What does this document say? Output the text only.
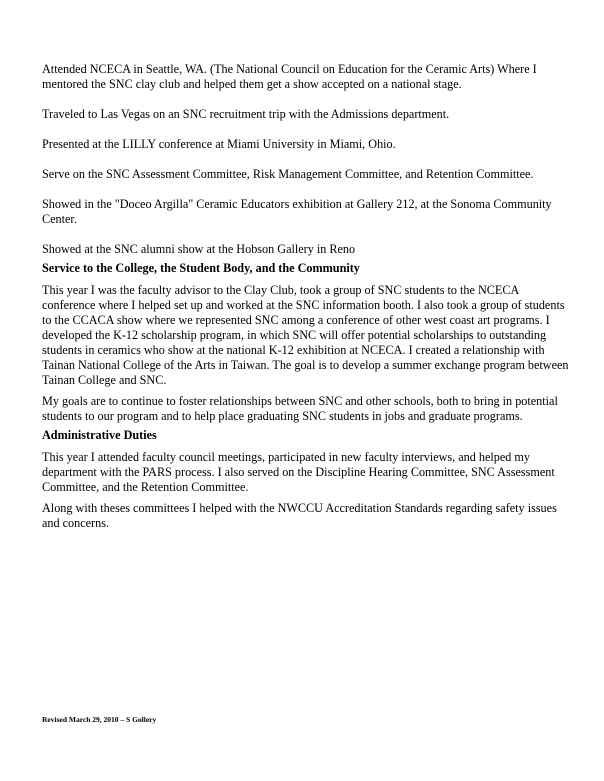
Attended NCECA in Seattle, WA. (The National Council on Education for the Ceramic Arts) Where I mentored the SNC clay club and helped them get a show accepted on a national stage.

Traveled to Las Vegas on an SNC recruitment trip with the Admissions department.

Presented at the LILLY conference at Miami University in Miami, Ohio.

Serve on the SNC Assessment Committee, Risk Management Committee, and Retention Committee.

Showed in the "Doceo Argilla" Ceramic Educators exhibition at Gallery 212, at the Sonoma Community Center.

Showed at the SNC alumni show at the Hobson Gallery in Reno

Service to the College, the Student Body, and the Community

This year I was the faculty advisor to the Clay Club, took a group of SNC students to the NCECA conference where I helped set up and worked at the SNC information booth. I also took a group of students to the CCACA show where we represented SNC among a conference of other west coast art programs. I developed the K-12 scholarship program, in which SNC will offer potential scholarships to outstanding students in ceramics who show at the national K-12 exhibition at NCECA. I created a relationship with Tainan National College of the Arts in Taiwan. The goal is to develop a summer exchange program between Tainan College and SNC.

My goals are to continue to foster relationships between SNC and other schools, both to bring in potential students to our program and to help place graduating SNC students in jobs and graduate programs.

Administrative Duties

This year I attended faculty council meetings, participated in new faculty interviews, and helped my department with the PARS process. I also served on the Discipline Hearing Committee, SNC Assessment Committee, and the Retention Committee.

Along with theses committees I helped with the NWCCU Accreditation Standards regarding safety issues and concerns.

Revised March 29, 2010 – S Gollery
